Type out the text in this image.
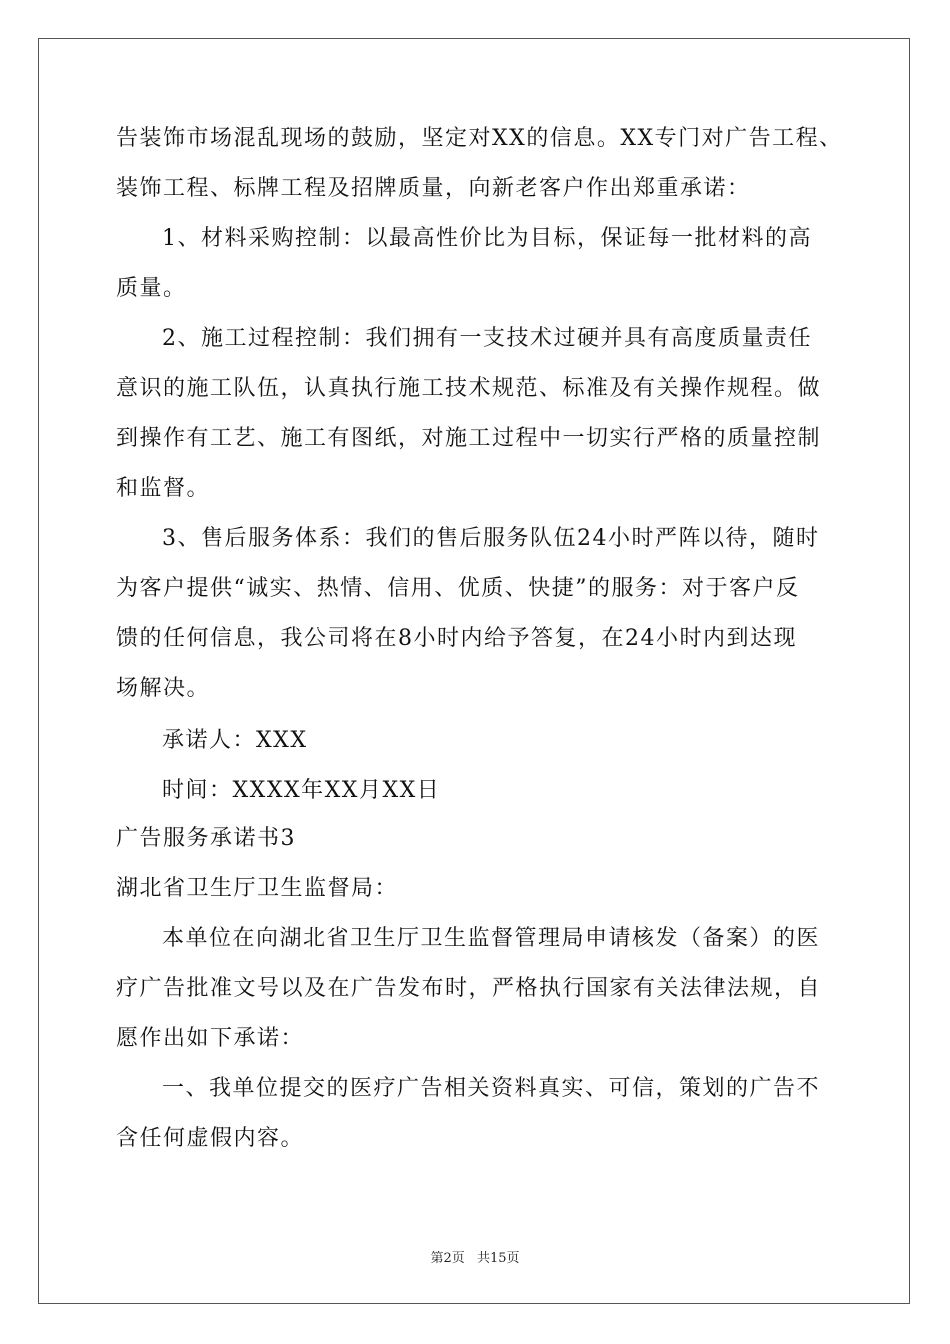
告装饰市场混乱现场的鼓励，坚定对XX的信息。XX专门对广告工程、
装饰工程、标牌工程及招牌质量，向新老客户作出郑重承诺：
1、材料采购控制：以最高性价比为目标，保证每一批材料的高
质量。
2、施工过程控制：我们拥有一支技术过硬并具有高度质量责任
意识的施工队伍，认真执行施工技术规范、标准及有关操作规程。做
到操作有工艺、施工有图纸，对施工过程中一切实行严格的质量控制
和监督。
3、售后服务体系：我们的售后服务队伍24小时严阵以待，随时
为客户提供“诚实、热情、信用、优质、快捷”的服务：对于客户反
馈的任何信息，我公司将在8小时内给予答复，在24小时内到达现
场解决。
承诺人：XXX
时间：XXXX年XX月XX日
广告服务承诺书3
湖北省卫生厅卫生监督局：
本单位在向湖北省卫生厅卫生监督管理局申请核发（备案）的医
疗广告批准文号以及在广告发布时，严格执行国家有关法律法规，自
愿作出如下承诺：
一、我单位提交的医疗广告相关资料真实、可信，策划的广告不
含任何虚假内容。
第2页 共15页
